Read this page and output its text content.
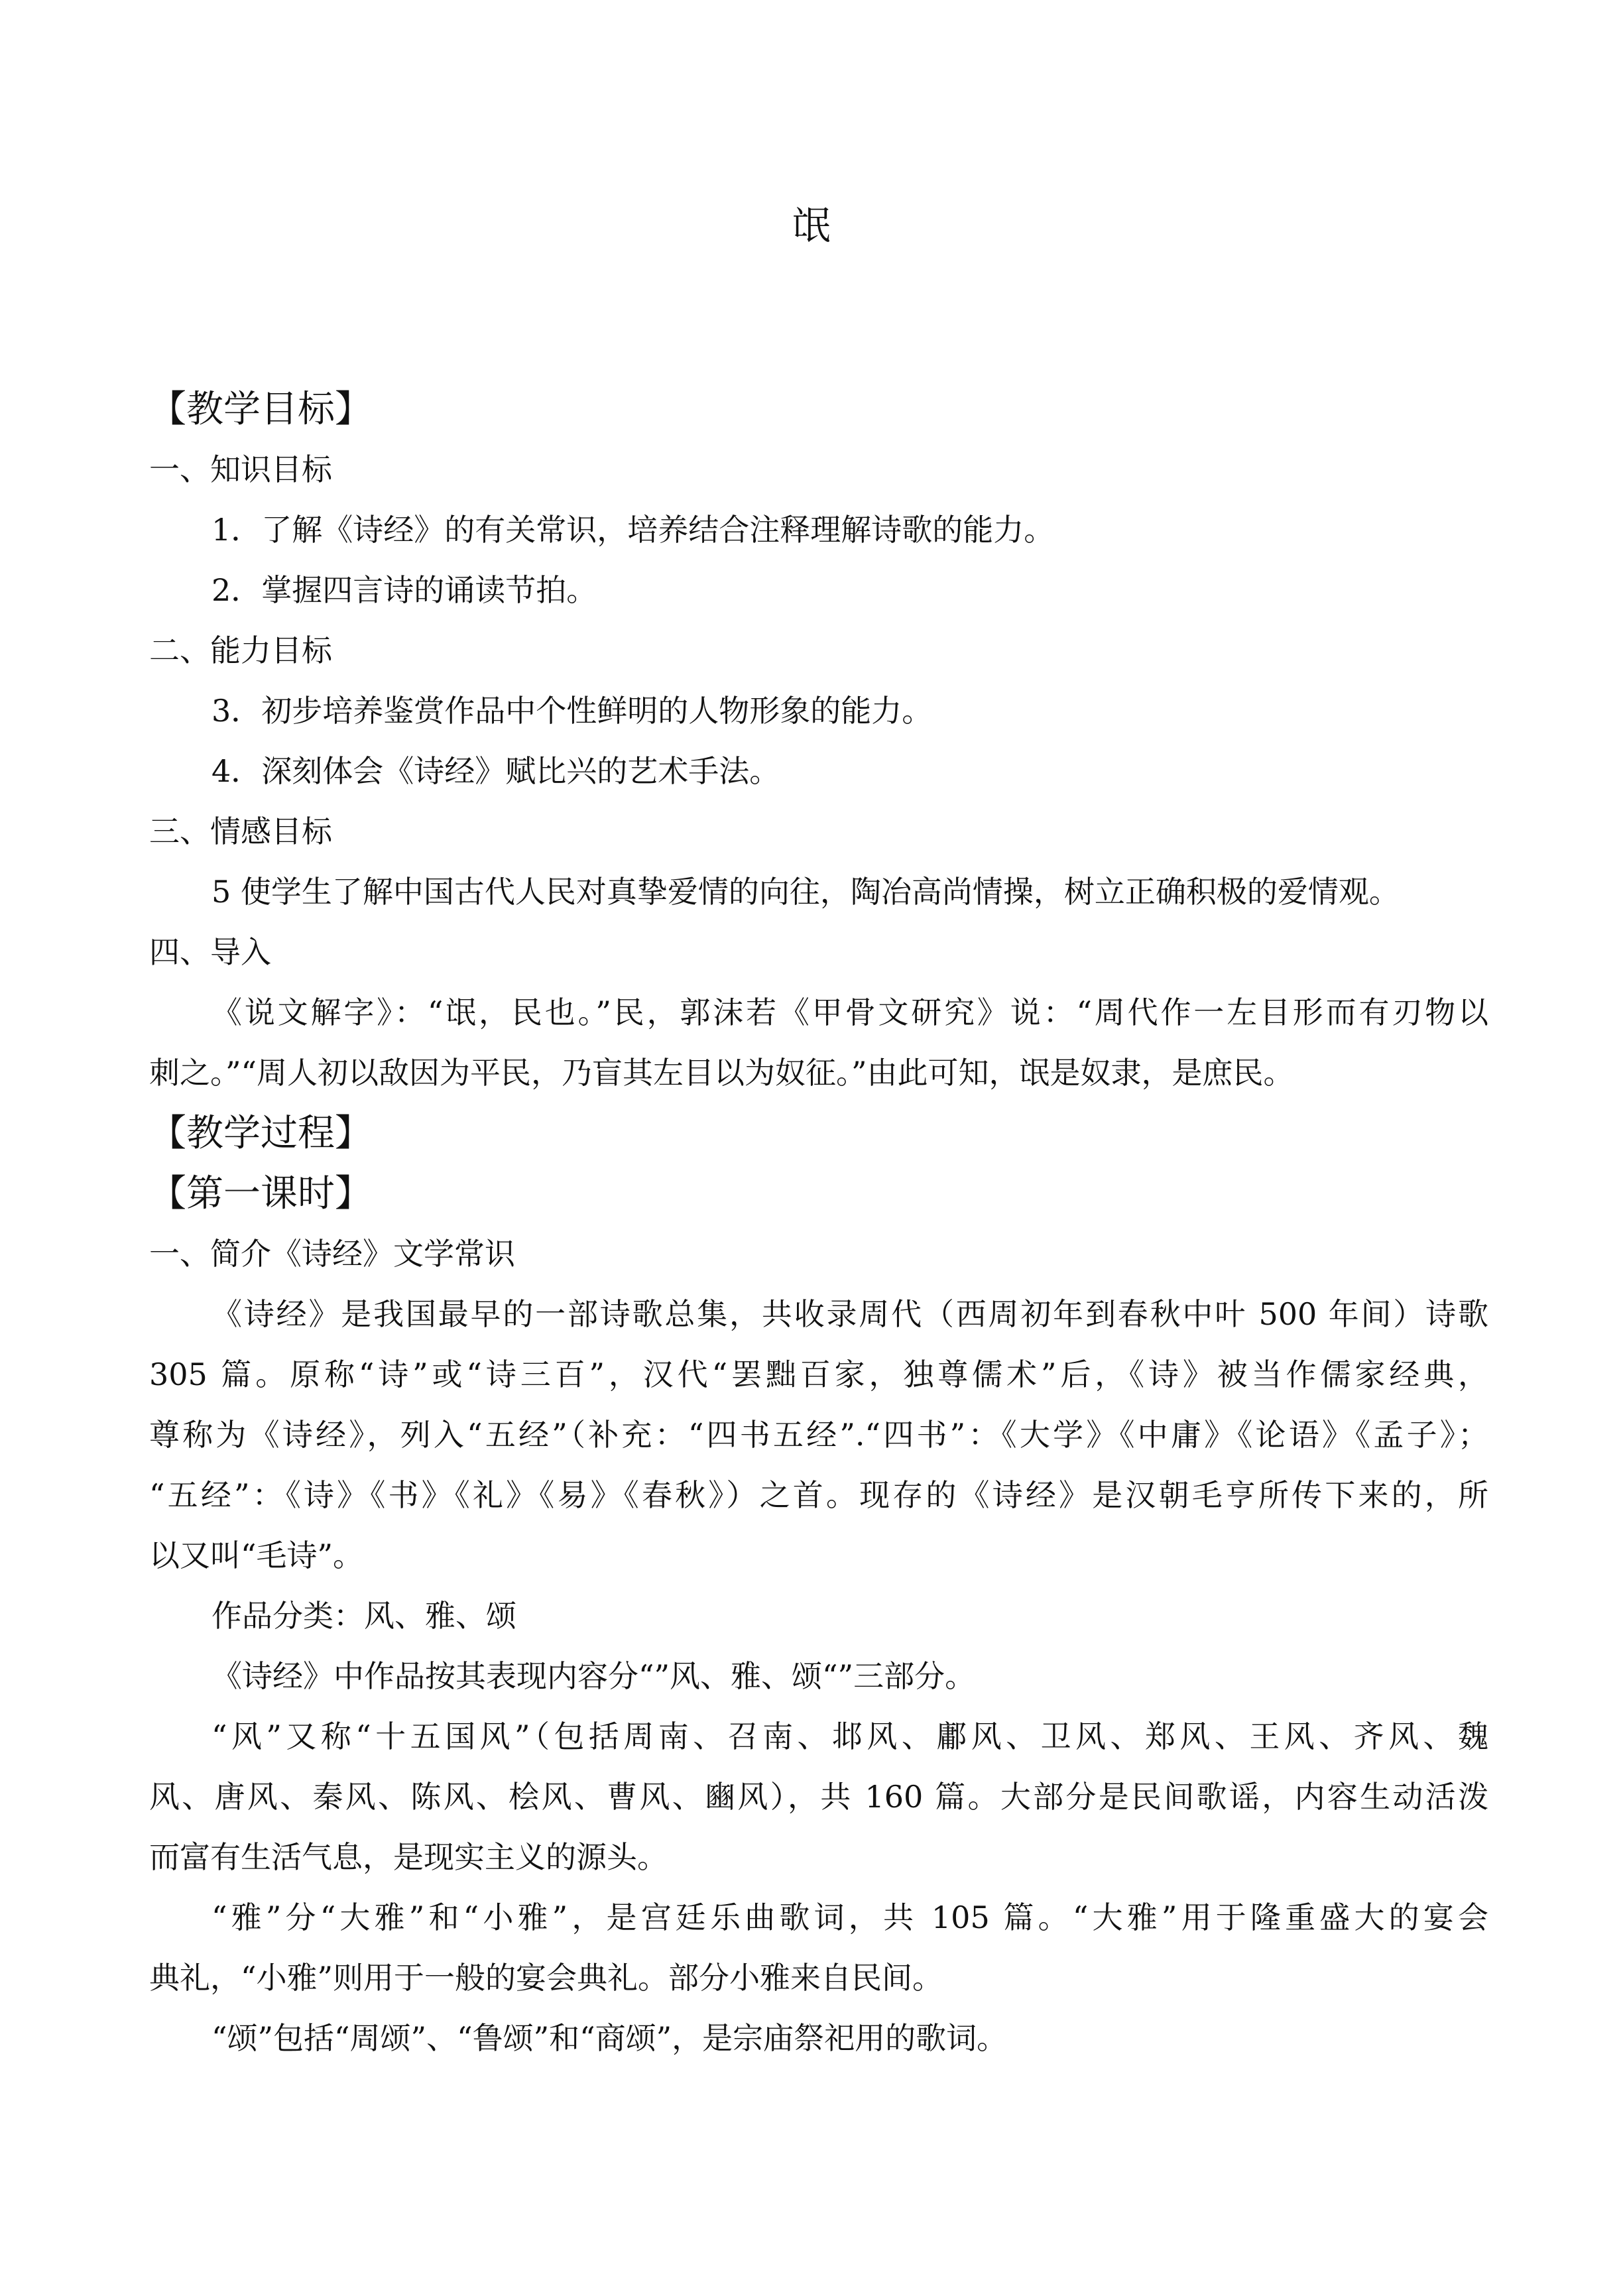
氓

【教学目标】

一、知识目标

1．了解《诗经》的有关常识，培养结合注释理解诗歌的能力。

2．掌握四言诗的诵读节拍。

二、能力目标

3．初步培养鉴赏作品中个性鲜明的人物形象的能力。

4．深刻体会《诗经》赋比兴的艺术手法。

三、情感目标

5 使学生了解中国古代人民对真挚爱情的向往，陶冶高尚情操，树立正确积极的爱情观。

四、导入

《说文解字》：“氓，民也。”民，郭沫若《甲骨文研究》说：“周代作一左目形而有刃物以

刺之。”“周人初以敌因为平民，乃盲其左目以为奴征。”由此可知，氓是奴隶，是庶民。

【教学过程】

【第一课时】

一、简介《诗经》文学常识

《诗经》是我国最早的一部诗歌总集，共收录周代（西周初年到春秋中叶 500 年间）诗歌

305 篇。原称“诗”或“诗三百”，汉代“罢黜百家，独尊儒术”后，《诗》被当作儒家经典，

尊称为《诗经》，列入“五经”（补充：“四书五经”.“四书”：《大学》《中庸》《论语》《孟子》；

“五经”：《诗》《书》《礼》《易》《春秋》）之首。现存的《诗经》是汉朝毛亨所传下来的，所

以又叫“毛诗”。

作品分类：风、雅、颂

《诗经》中作品按其表现内容分“”风、雅、颂“”三部分。

“风”又称“十五国风”（包括周南、召南、邶风、鄘风、卫风、郑风、王风、齐风、魏

风、唐风、秦风、陈风、桧风、曹风、豳风），共 160 篇。大部分是民间歌谣，内容生动活泼

而富有生活气息，是现实主义的源头。

“雅”分“大雅”和“小雅”，是宫廷乐曲歌词，共 105 篇。“大雅”用于隆重盛大的宴会

典礼，“小雅”则用于一般的宴会典礼。部分小雅来自民间。

“颂”包括“周颂”、“鲁颂”和“商颂”，是宗庙祭祀用的歌词。
